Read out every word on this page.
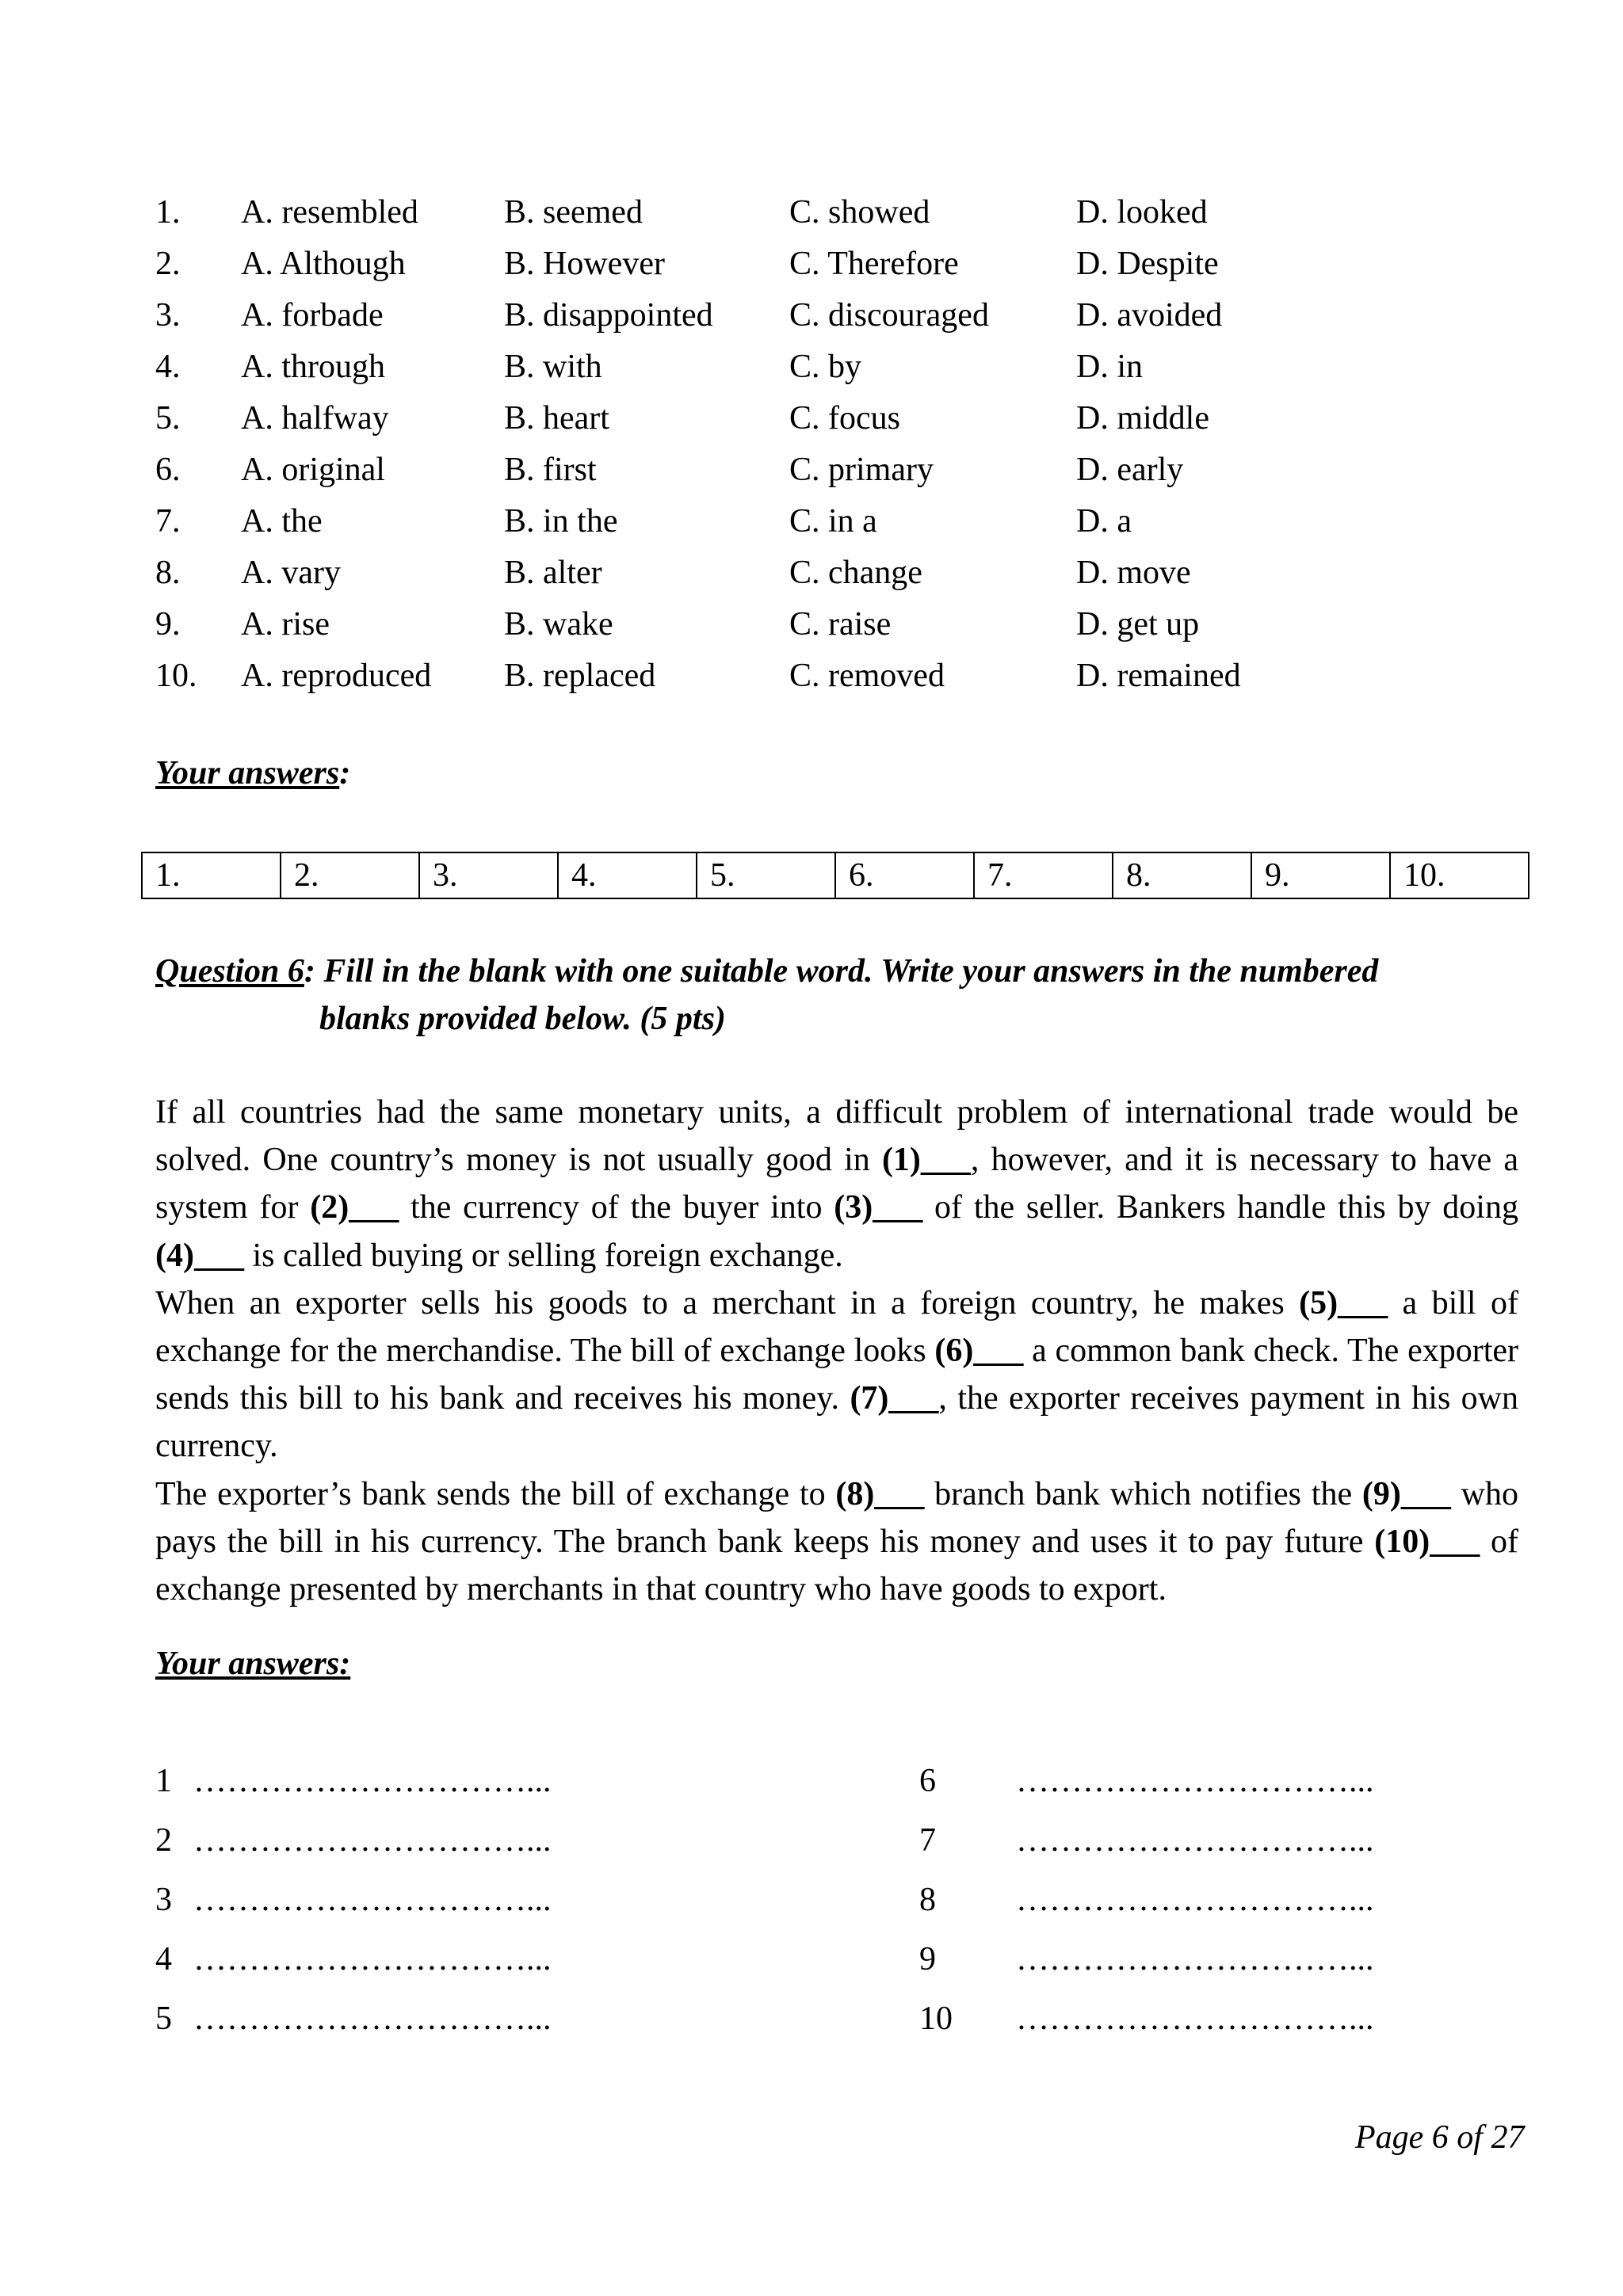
1. A. resembled	B. seemed	C. showed	D. looked
2. A. Although	B. However	C. Therefore	D. Despite
3. A. forbade	B. disappointed C. discouraged	D. avoided
4. A. through	B. with	C. by	D. in
5. A. halfway	B. heart	C. focus	D. middle
6. A. original	B. first	C. primary	D. early
7. A. the	B. in the	C. in a	D. a
8. A. vary	B. alter	C. change	D. move
9. A. rise	B. wake	C. raise	D. get up
10. A. reproduced B. replaced	C. removed	D. remained
Your answers:
1.	2.	3.	4.	5.	6.	7.	8.	9.	10.
Question 6: Fill in the blank with one suitable word. Write your answers in the numbered
blanks provided below. (5 pts)

If all countries had the same monetary units, a difficult problem of international trade would be solved. One country’s money is not usually good in (1)___, however, and it is necessary to have a system for (2)___ the currency of the buyer into (3)___ of the seller. Bankers handle this by doing (4)___ is called buying or selling foreign exchange.

When an exporter sells his goods to a merchant in a foreign country, he makes (5)___ a bill of exchange for the merchandise. The bill of exchange looks (6)___ a common bank check. The exporter sends this bill to his bank and receives his money. (7)___, the exporter receives payment in his own currency.

The exporter’s bank sends the bill of exchange to (8)___ branch bank which notifies the (9)___ who pays the bill in his currency. The branch bank keeps his money and uses it to pay future (10)___ of exchange presented by merchants in that country who have goods to export.

Your answers:
1 …………………………...	6 …………………………...
2 …………………………...	7 …………………………...
3 …………………………...	8 …………………………...
4 …………………………...	9 …………………………...
5 …………………………...	10 …………………………...
Page 6 of 27
